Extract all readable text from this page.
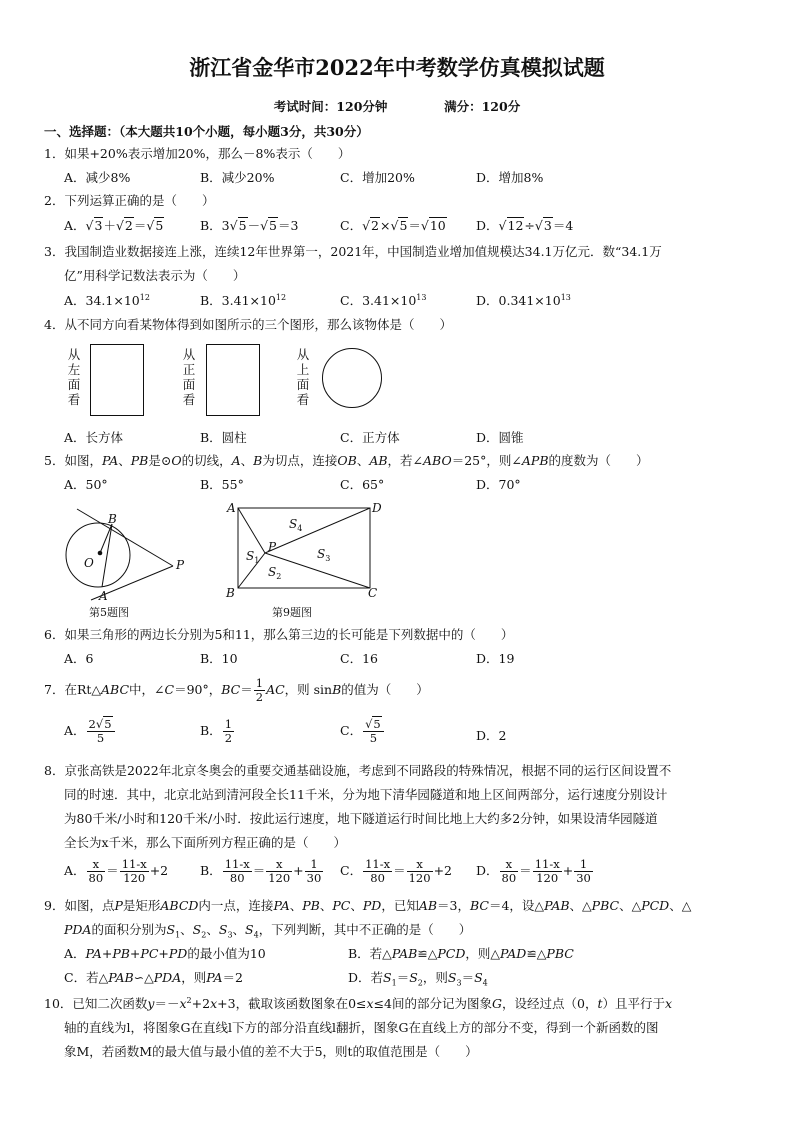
浙江省金华市2022年中考数学仿真模拟试题
考试时间：120分钟	满分：120分
一、选择题：（本大题共10个小题，每小题3分，共30分）
1．如果+20%表示增加20%，那么－8%表示（　　）
A．减少8%	B．减少20%	C．增加20%	D．增加8%
2．下列运算正确的是（　　）
A．√3＋√2＝√5	B．3√5－√5＝3	C．√2×√5＝√10 D．√12÷√3＝4
3．我国制造业数据接连上涨，连续12年世界第一，2021年，中国制造业增加值规模达34.1万亿元．数“34.1万
亿”用科学记数法表示为（　　）
A．$34.1\times 10^{12}$	B．$3.41\times 10^{12}$	C．$3.41\times 10^{13}$	D．$0.341\times 10^{13}$
4．从不同方向看某物体得到如图所示的三个图形，那么该物体是（　　）
从左面看
从正面看
从上面看
A．长方体	B．圆柱	C．正方体	D．圆锥
5．如图，PA、PB是⊙O的切线，A、B为切点，连接OB、AB，若∠ABO＝25°，则∠APB的度数为（　　）
A．50°	B．55°	C．65°	D．70°
B
O
A
P
第5题图
A	D
B	C
P
$S_4$
$S_1$	$S_3$
$S_2$
第9题图
6．如果三角形的两边长分别为5和11，那么第三边的长可能是下列数据中的（　　）
A．6	B．10	C．16	D．19
7．在Rt△ABC中，∠C＝90°，$BC= \frac{1}{2}$ AC，则 sinB的值为（　　）
A． $\frac{2√5}{5}$	B． $\frac{1}{2}$	C． $\frac{√5}{5}$	D．2
8．京张高铁是2022年北京冬奥会的重要交通基础设施，考虑到不同路段的特殊情况，根据不同的运行区间设置不
同的时速．其中，北京北站到清河段全长11千米，分为地下清华园隧道和地上区间两部分，运行速度分别设计
为80千米/小时和120千米/小时．按此运行速度，地下隧道运行时间比地上大约多2分钟，如果设清华园隧道
全长为x千米，那么下面所列方程正确的是（　　）
A． $\frac{x}{80} = \frac{11-x}{120} +2$	B． $\frac{11-x}{80} = \frac{x}{120} + \frac{1}{30}$ C． $\frac{11-x}{80} = \frac{x}{120} +2$ D． $\frac{x}{80} = \frac{11-x}{120} + \frac{1}{30}$
9．如图，点P是矩形ABCD内一点，连接PA、PB、PC、PD，已知AB＝3，BC＝4，设△PAB、△PBC、△PCD、△
PDA的面积分别为$S_1$、$S_2$、$S_3$、$S_4$，下列判断，其中不正确的是（　　）
A．PA+PB+PC+PD的最小值为10	B．若△PAB≌△PCD，则△PAD≌△PBC
C．若△PAB∽△PDA，则PA＝2	D．若$S_1=S_2$，则$S_3=S_4$
10．已知二次函数$y=-x^2+2x+3$，截取该函数图象在0≤x≤4间的部分记为图象G，设经过点（0，t）且平行于x
轴的直线为l，将图象G在直线l下方的部分沿直线l翻折，图象G在直线上方的部分不变，得到一个新函数的图
象M，若函数M的最大值与最小值的差不大于5，则t的取值范围是（　　）
